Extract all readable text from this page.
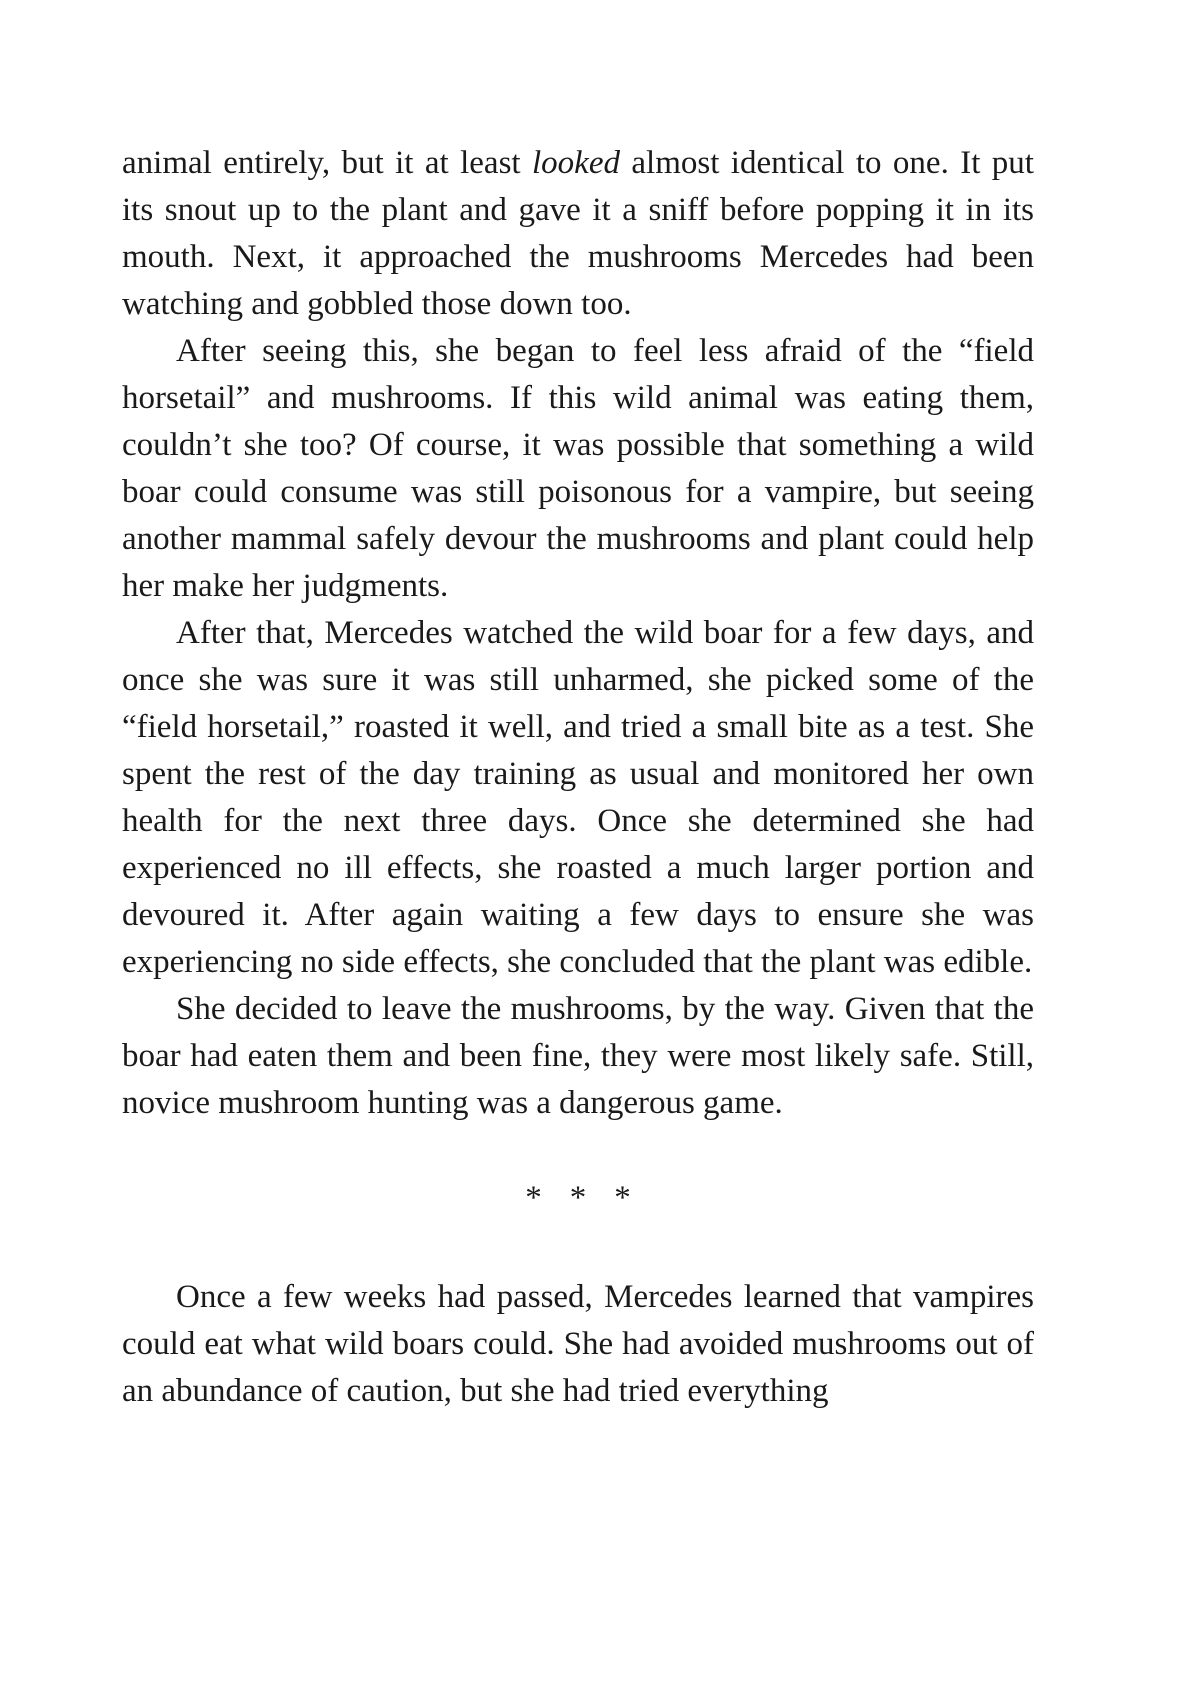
animal entirely, but it at least looked almost identical to one. It put its snout up to the plant and gave it a sniff before popping it in its mouth. Next, it approached the mushrooms Mercedes had been watching and gobbled those down too.

After seeing this, she began to feel less afraid of the “field horsetail” and mushrooms. If this wild animal was eating them, couldn’t she too? Of course, it was possible that something a wild boar could consume was still poisonous for a vampire, but seeing another mammal safely devour the mushrooms and plant could help her make her judgments.

After that, Mercedes watched the wild boar for a few days, and once she was sure it was still unharmed, she picked some of the “field horsetail,” roasted it well, and tried a small bite as a test. She spent the rest of the day training as usual and monitored her own health for the next three days. Once she determined she had experienced no ill effects, she roasted a much larger portion and devoured it. After again waiting a few days to ensure she was experiencing no side effects, she concluded that the plant was edible.

She decided to leave the mushrooms, by the way. Given that the boar had eaten them and been fine, they were most likely safe. Still, novice mushroom hunting was a dangerous game.

***

Once a few weeks had passed, Mercedes learned that vampires could eat what wild boars could. She had avoided mushrooms out of an abundance of caution, but she had tried everything
